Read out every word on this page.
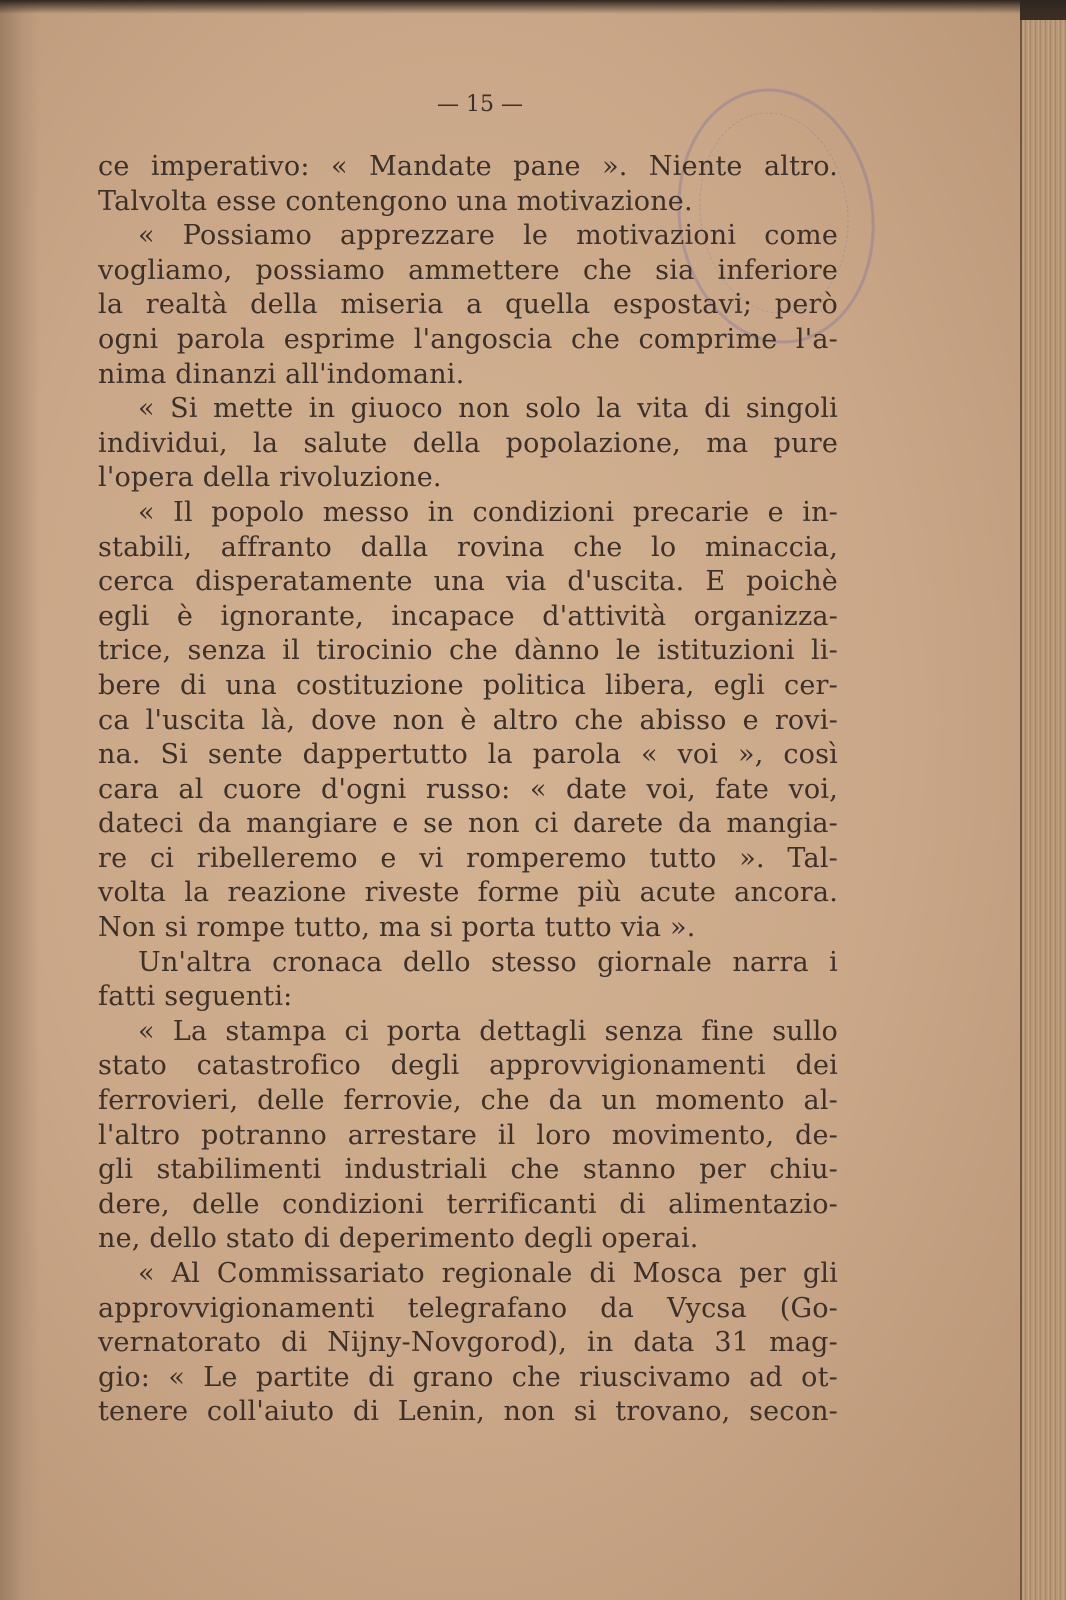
— 15 —
ce imperativo: « Mandate pane ». Niente altro.
Talvolta esse contengono una motivazione.
« Possiamo apprezzare le motivazioni come
vogliamo, possiamo ammettere che sia inferiore
la realtà della miseria a quella espostavi; però
ogni parola esprime l'angoscia che comprime l'a-
nima dinanzi all'indomani.
« Si mette in giuoco non solo la vita di singoli
individui, la salute della popolazione, ma pure
l'opera della rivoluzione.
« Il popolo messo in condizioni precarie e in-
stabili, affranto dalla rovina che lo minaccia,
cerca disperatamente una via d'uscita. E poichè
egli è ignorante, incapace d'attività organizza-
trice, senza il tirocinio che dànno le istituzioni li-
bere di una costituzione politica libera, egli cer-
ca l'uscita là, dove non è altro che abisso e rovi-
na. Si sente dappertutto la parola « voi », così
cara al cuore d'ogni russo: « date voi, fate voi,
dateci da mangiare e se non ci darete da mangia-
re ci ribelleremo e vi romperemo tutto ». Tal-
volta la reazione riveste forme più acute ancora.
Non si rompe tutto, ma si porta tutto via ».
Un'altra cronaca dello stesso giornale narra i
fatti seguenti:
« La stampa ci porta dettagli senza fine sullo
stato catastrofico degli approvvigionamenti dei
ferrovieri, delle ferrovie, che da un momento al-
l'altro potranno arrestare il loro movimento, de-
gli stabilimenti industriali che stanno per chiu-
dere, delle condizioni terrificanti di alimentazio-
ne, dello stato di deperimento degli operai.
« Al Commissariato regionale di Mosca per gli
approvvigionamenti telegrafano da Vycsa (Go-
vernatorato di Nijny-Novgorod), in data 31 mag-
gio: « Le partite di grano che riuscivamo ad ot-
tenere coll'aiuto di Lenin, non si trovano, secon-
